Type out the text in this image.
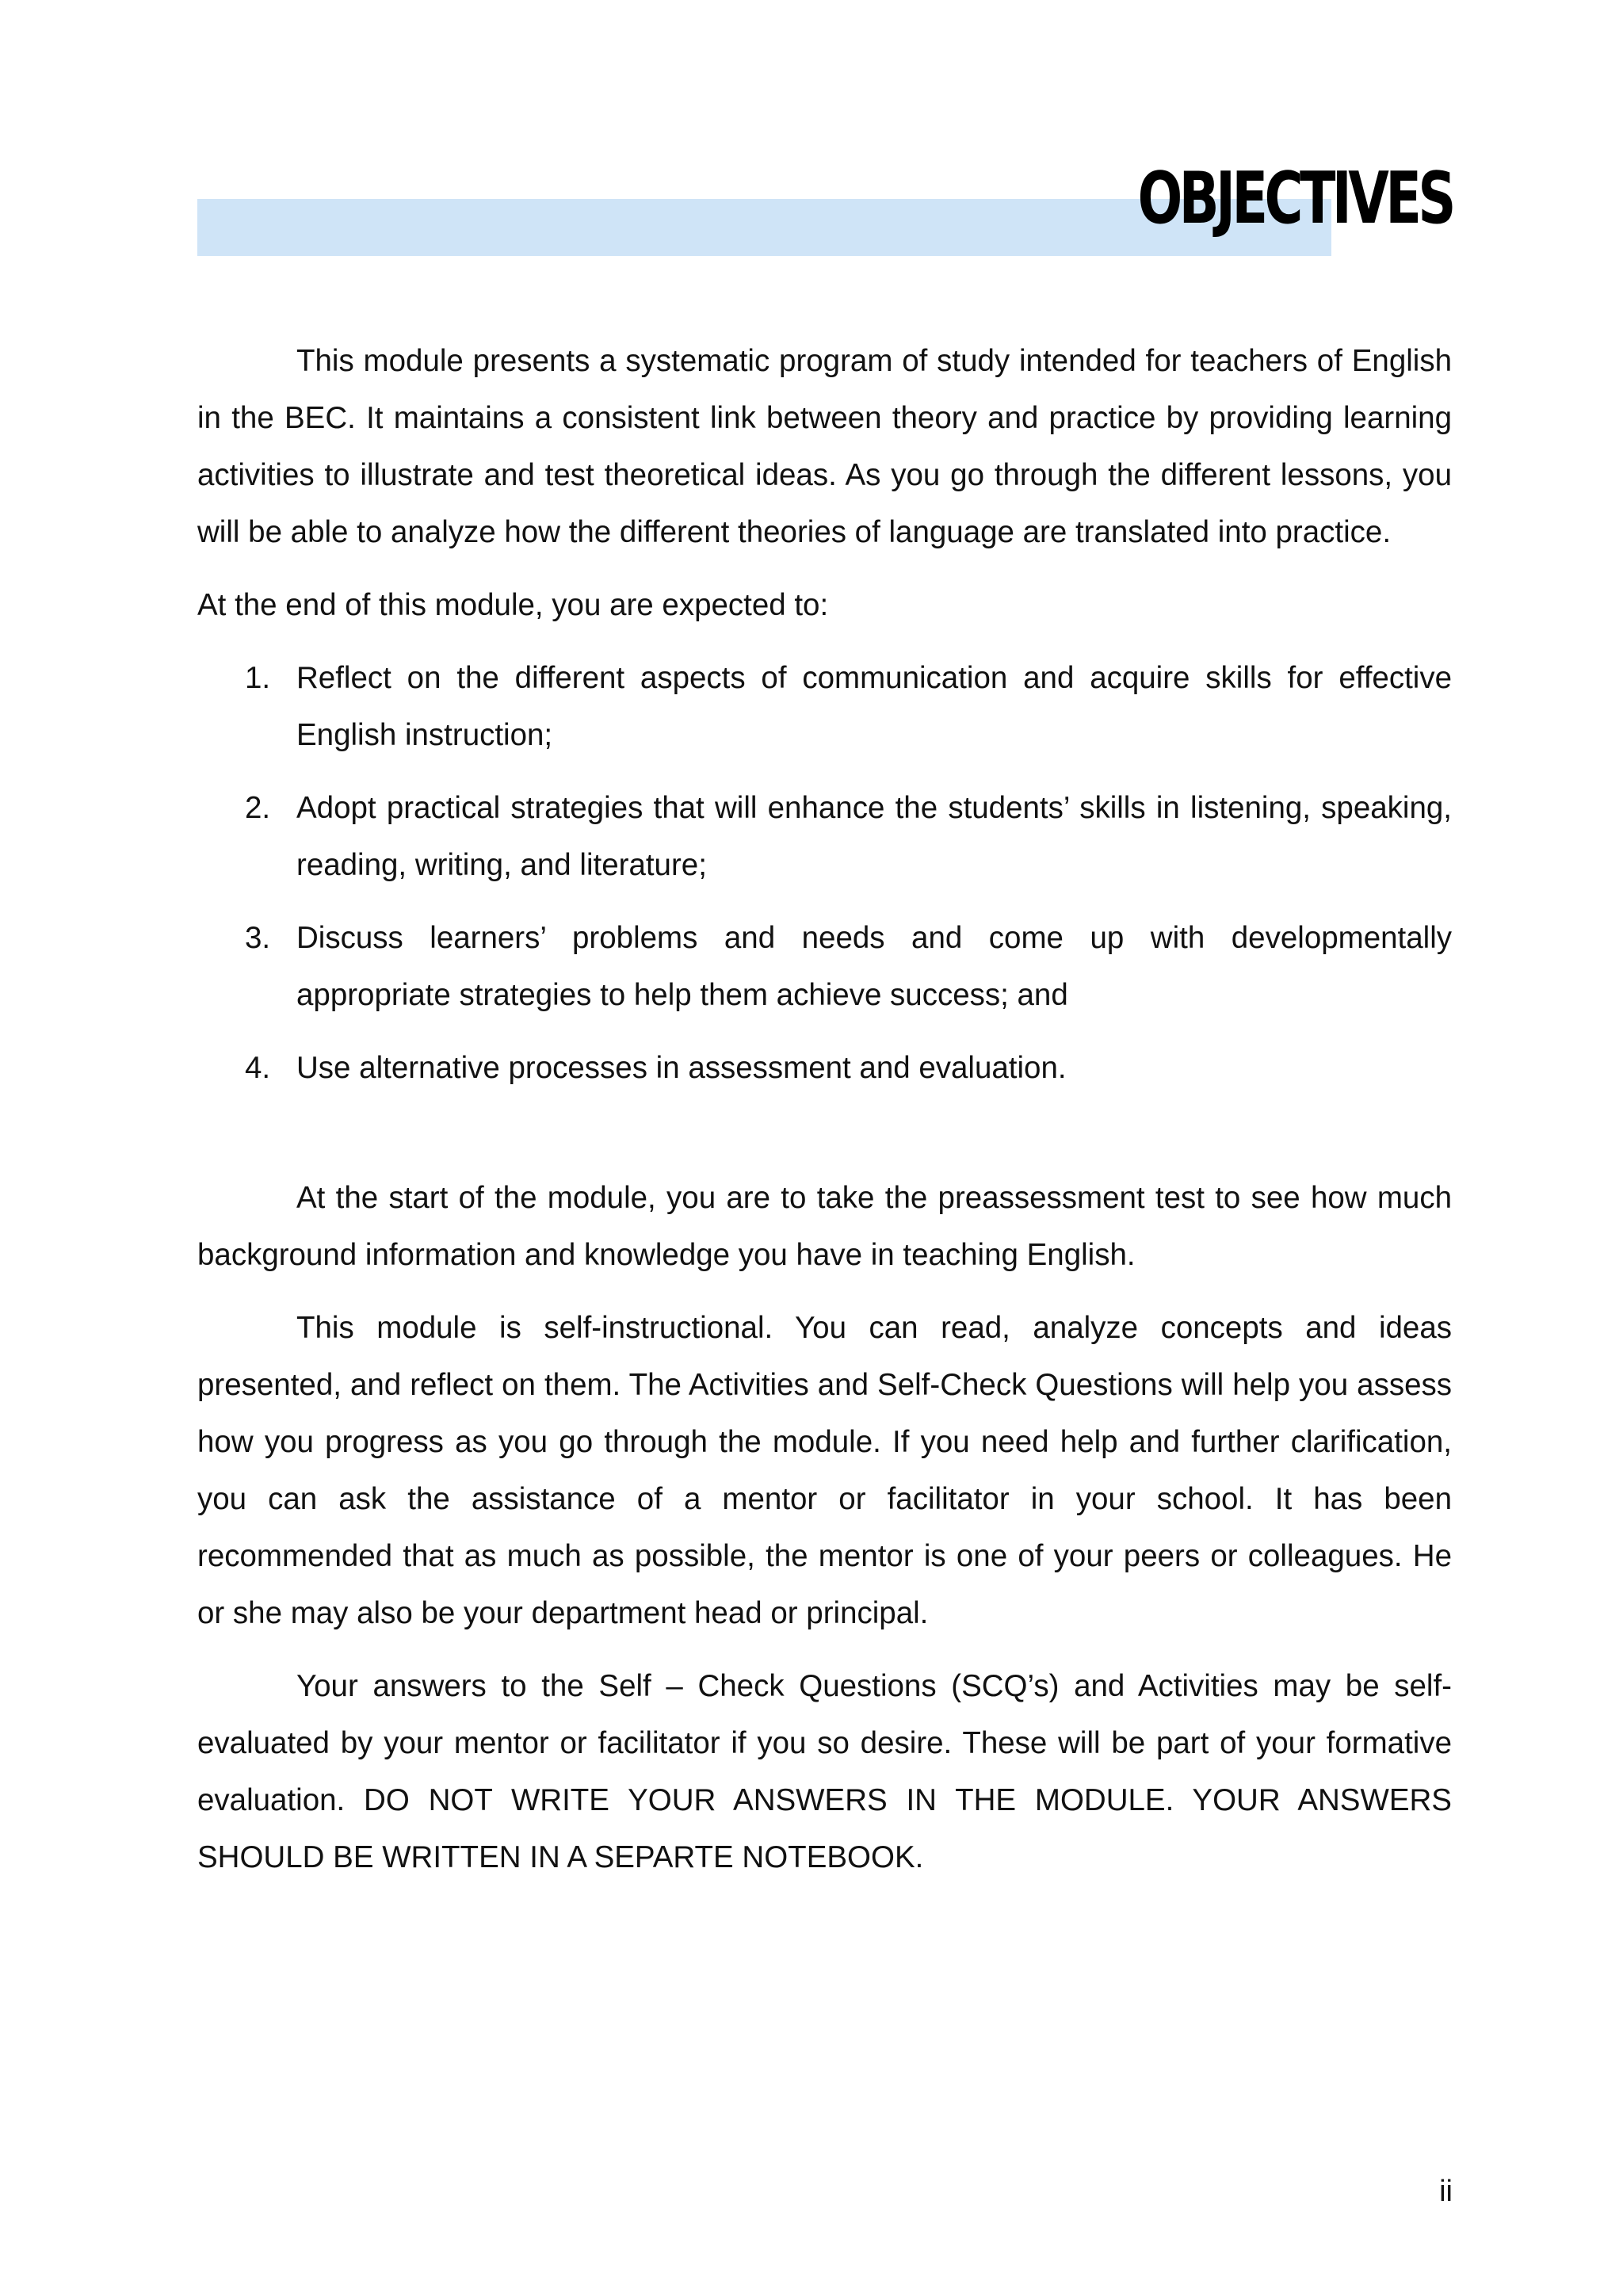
OBJECTIVES

This module presents a systematic program of study intended for teachers of English in the BEC. It maintains a consistent link between theory and practice by providing learning activities to illustrate and test theoretical ideas. As you go through the different lessons, you will be able to analyze how the different theories of language are translated into practice.

At the end of this module, you are expected to:

1. Reflect on the different aspects of communication and acquire skills for effective English instruction;
2. Adopt practical strategies that will enhance the students’ skills in listening, speaking, reading, writing, and literature;
3. Discuss learners’ problems and needs and come up with developmentally appropriate strategies to help them achieve success; and
4. Use alternative processes in assessment and evaluation.

At the start of the module, you are to take the preassessment test to see how much background information and knowledge you have in teaching English.

This module is self-instructional. You can read, analyze concepts and ideas presented, and reflect on them. The Activities and Self-Check Questions will help you assess how you progress as you go through the module. If you need help and further clarification, you can ask the assistance of a mentor or facilitator in your school. It has been recommended that as much as possible, the mentor is one of your peers or colleagues. He or she may also be your department head or principal.

Your answers to the Self – Check Questions (SCQ’s) and Activities may be self-evaluated by your mentor or facilitator if you so desire. These will be part of your formative evaluation. DO NOT WRITE YOUR ANSWERS IN THE MODULE. YOUR ANSWERS SHOULD BE WRITTEN IN A SEPARTE NOTEBOOK.

ii
